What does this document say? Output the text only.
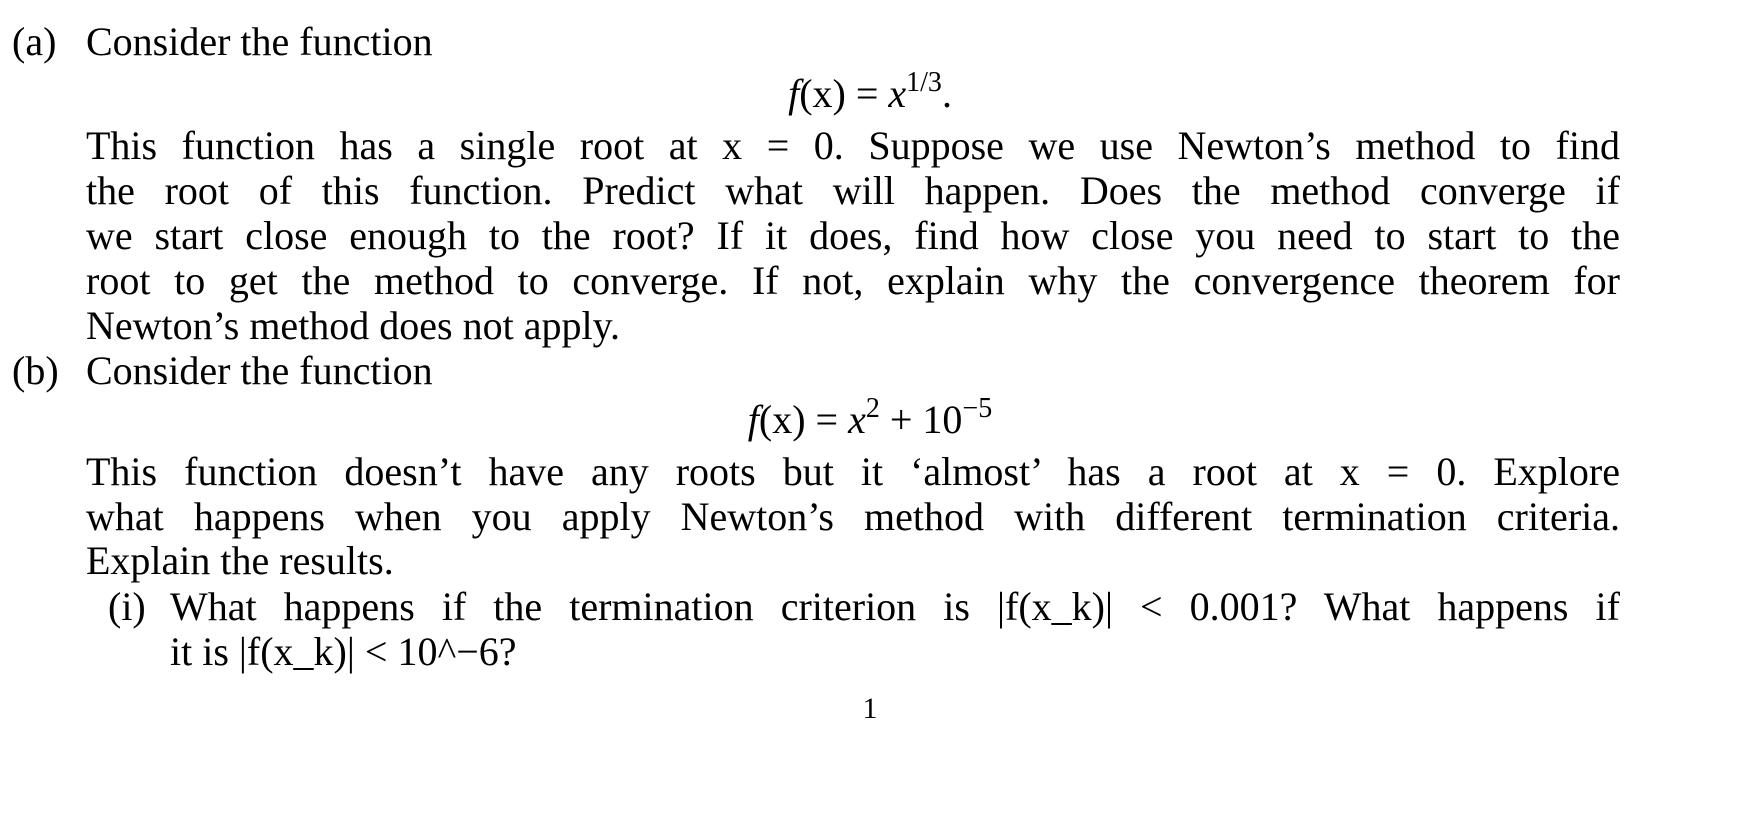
(a) Consider the function
$f(x) = x^{1/3}$.
This function has a single root at x = 0. Suppose we use Newton’s method to find
the root of this function. Predict what will happen. Does the method converge if
we start close enough to the root? If it does, find how close you need to start to the
root to get the method to converge. If not, explain why the convergence theorem for
Newton’s method does not apply.
(b) Consider the function
$f(x) = x^2 + 10^{-5}$
This function doesn’t have any roots but it ‘almost’ has a root at x = 0. Explore
what happens when you apply Newton’s method with different termination criteria.
Explain the results.
(i) What happens if the termination criterion is |f(x_k)| < 0.001? What happens if
it is |f(x_k)| < 10^−6?
1
